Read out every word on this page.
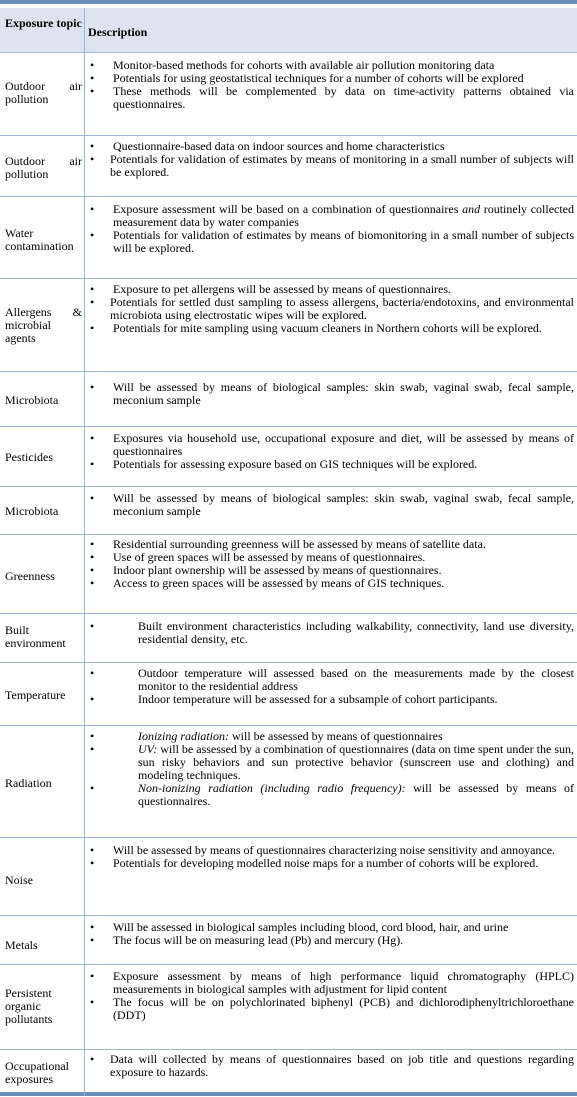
Exposure topic
Description
Outdoor air pollution
• Monitor-based methods for cohorts with available air pollution monitoring data
• Potentials for using geostatistical techniques for a number of cohorts will be explored
• These methods will be complemented by data on time-activity patterns obtained via questionnaires.
Outdoor air pollution
• Questionnaire-based data on indoor sources and home characteristics
• Potentials for validation of estimates by means of monitoring in a small number of subjects will be explored.
Water contamination
• Exposure assessment will be based on a combination of questionnaires and routinely collected measurement data by water companies
• Potentials for validation of estimates by means of biomonitoring in a small number of subjects will be explored.
Allergens & microbial agents
• Exposure to pet allergens will be assessed by means of questionnaires.
• Potentials for settled dust sampling to assess allergens, bacteria/endotoxins, and environmental microbiota using electrostatic wipes will be explored.
• Potentials for mite sampling using vacuum cleaners in Northern cohorts will be explored.
Microbiota
• Will be assessed by means of biological samples: skin swab, vaginal swab, fecal sample, meconium sample
Pesticides
• Exposures via household use, occupational exposure and diet, will be assessed by means of questionnaires
• Potentials for assessing exposure based on GIS techniques will be explored.
Microbiota
• Will be assessed by means of biological samples: skin swab, vaginal swab, fecal sample, meconium sample
Greenness
• Residential surrounding greenness will be assessed by means of satellite data.
• Use of green spaces will be assessed by means of questionnaires.
• Indoor plant ownership will be assessed by means of questionnaires.
• Access to green spaces will be assessed by means of GIS techniques.
Built environment
• Built environment characteristics including walkability, connectivity, land use diversity, residential density, etc.
Temperature
• Outdoor temperature will assessed based on the measurements made by the closest monitor to the residential address
• Indoor temperature will be assessed for a subsample of cohort participants.
Radiation
• Ionizing radiation: will be assessed by means of questionnaires
• UV: will be assessed by a combination of questionnaires (data on time spent under the sun, sun risky behaviors and sun protective behavior (sunscreen use and clothing) and modeling techniques.
• Non-ionizing radiation (including radio frequency): will be assessed by means of questionnaires.
Noise
• Will be assessed by means of questionnaires characterizing noise sensitivity and annoyance.
• Potentials for developing modelled noise maps for a number of cohorts will be explored.
Metals
• Will be assessed in biological samples including blood, cord blood, hair, and urine
• The focus will be on measuring lead (Pb) and mercury (Hg).
Persistent organic pollutants
• Exposure assessment by means of high performance liquid chromatography (HPLC) measurements in biological samples with adjustment for lipid content
• The focus will be on polychlorinated biphenyl (PCB) and dichlorodiphenyltrichloroethane (DDT)
Occupational exposures
• Data will collected by means of questionnaires based on job title and questions regarding exposure to hazards.
